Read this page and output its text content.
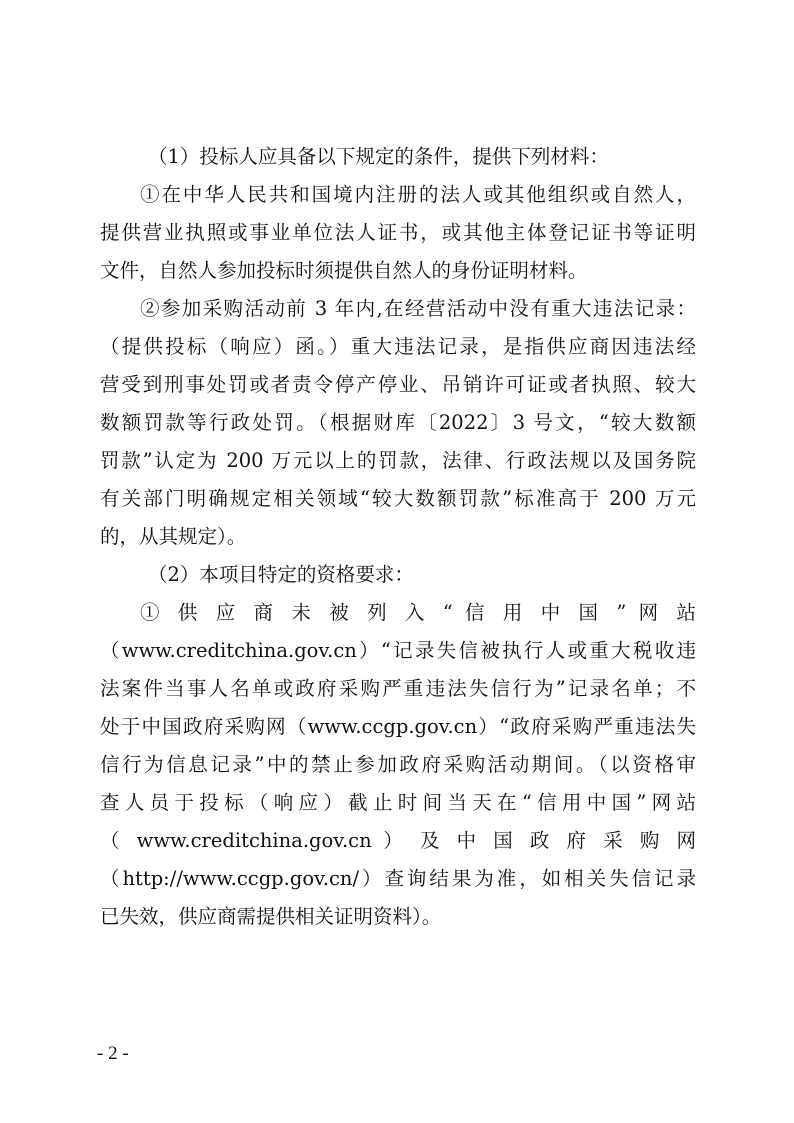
（1）投标人应具备以下规定的条件，提供下列材料：
①在中华人民共和国境内注册的法人或其他组织或自然人，
提供营业执照或事业单位法人证书，或其他主体登记证书等证明
文件，自然人参加投标时须提供自然人的身份证明材料。
②参加采购活动前 3 年内,在经营活动中没有重大违法记录：
（提供投标（响应）函。）重大违法记录，是指供应商因违法经
营受到刑事处罚或者责令停产停业、吊销许可证或者执照、较大
数额罚款等行政处罚。（根据财库〔2022〕3 号文，“较大数额
罚款”认定为 200 万元以上的罚款，法律、行政法规以及国务院
有关部门明确规定相关领域“较大数额罚款”标准高于 200 万元
的，从其规定）。
（2）本项目特定的资格要求：
① 供 应 商 未 被 列 入 “ 信 用 中 国 ” 网 站
（www.creditchina.gov.cn）“记录失信被执行人或重大税收违
法案件当事人名单或政府采购严重违法失信行为”记录名单；不
处于中国政府采购网（www.ccgp.gov.cn）“政府采购严重违法失
信行为信息记录”中的禁止参加政府采购活动期间。（以资格审
查人员于投标（响应）截止时间当天在“信用中国”网站
（ www.creditchina.gov.cn ） 及 中 国 政 府 采 购 网
（http://www.ccgp.gov.cn/）查询结果为准，如相关失信记录
已失效，供应商需提供相关证明资料）。
- 2 -
